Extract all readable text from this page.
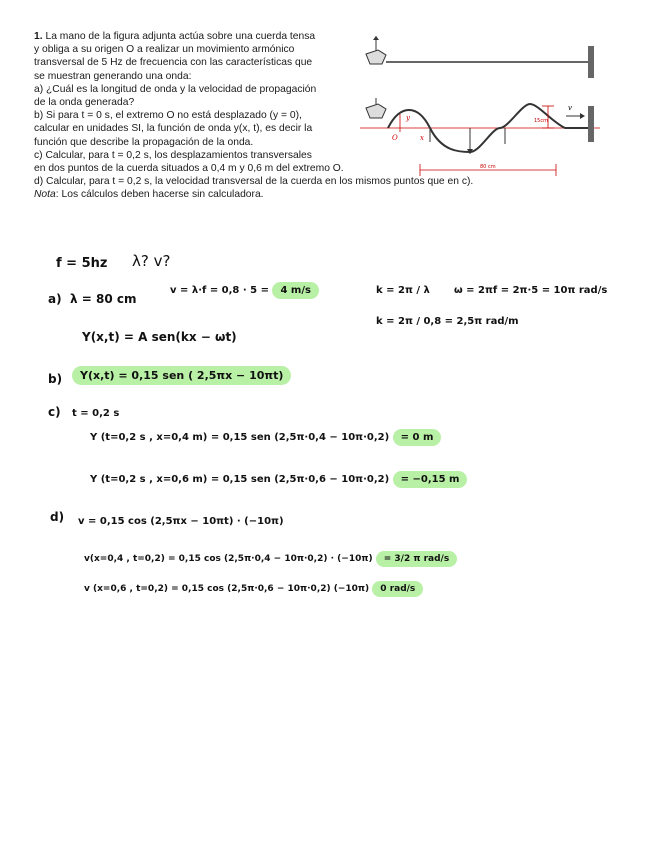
1. La mano de la figura adjunta actúa sobre una cuerda tensa
y obliga a su origen O a realizar un movimiento armónico
transversal de 5 Hz de frecuencia con las características que
se muestran generando una onda:

a) ¿Cuál es la longitud de onda y la velocidad de propagación
de la onda generada?

b) Si para t = 0 s, el extremo O no está desplazado (y = 0),
calcular en unidades SI, la función de onda y(x, t), es decir la
función que describe la propagación de la onda.

c) Calcular, para t = 0,2 s, los desplazamientos transversales
en dos puntos de la cuerda situados a 0,4 m y 0,6 m del extremo O.

d) Calcular, para t = 0,2 s, la velocidad transversal de la cuerda en los mismos puntos que en c).

Nota: Los cálculos deben hacerse sin calculadora.

15cm
y
O	x
v
80 cm
f = 5hz λ? v?
a) λ = 80 cm
v = λ·f = 0,8 · 5 = 4 m/s	k = 2π / λ ω = 2πf = 2π·5 = 10π rad/s
k = 2π / 0,8 = 2,5π rad/m
Y(x,t) = A sen(kx − ωt)
b)	Y(x,t) = 0,15 sen ( 2,5πx − 10πt)
c) t = 0,2 s
Y (t=0,2 s , x=0,4 m) = 0,15 sen (2,5π·0,4 − 10π·0,2) = 0 m
Y (t=0,2 s , x=0,6 m) = 0,15 sen (2,5π·0,6 − 10π·0,2) = −0,15 m
d) v = 0,15 cos (2,5πx − 10πt) · (−10π)
v(x=0,4 , t=0,2) = 0,15 cos (2,5π·0,4 − 10π·0,2) · (−10π) = 3/2 π rad/s
v (x=0,6 , t=0,2) = 0,15 cos (2,5π·0,6 − 10π·0,2) (−10π) 0 rad/s
